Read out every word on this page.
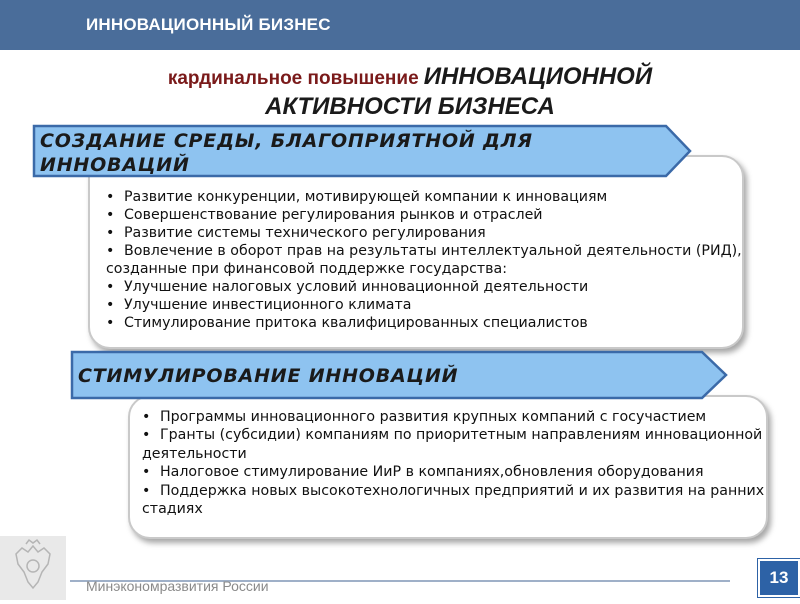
ИННОВАЦИОННЫЙ БИЗНЕС
кардинальное повышение ИННОВАЦИОННОЙ
АКТИВНОСТИ БИЗНЕСА
• Развитие конкуренции, мотивирующей компании к инновациям
• Совершенствование регулирования рынков и отраслей
• Развитие системы технического регулирования
• Вовлечение в оборот прав на результаты интеллектуальной деятельности (РИД), созданные при финансовой поддержке государства:
• Улучшение налоговых условий инновационной деятельности
• Улучшение инвестиционного климата
• Стимулирование притока квалифицированных специалистов
СОЗДАНИЕ СРЕДЫ, БЛАГОПРИЯТНОЙ ДЛЯ ИННОВАЦИЙ
• Программы инновационного развития крупных компаний с госучастием
• Гранты (субсидии) компаниям по приоритетным направлениям инновационной деятельности
• Налоговое стимулирование ИиР в компаниях,обновления оборудования
• Поддержка новых высокотехнологичных предприятий и их развития на ранних стадиях
СТИМУЛИРОВАНИЕ ИННОВАЦИЙ
Минэкономразвития России	13
